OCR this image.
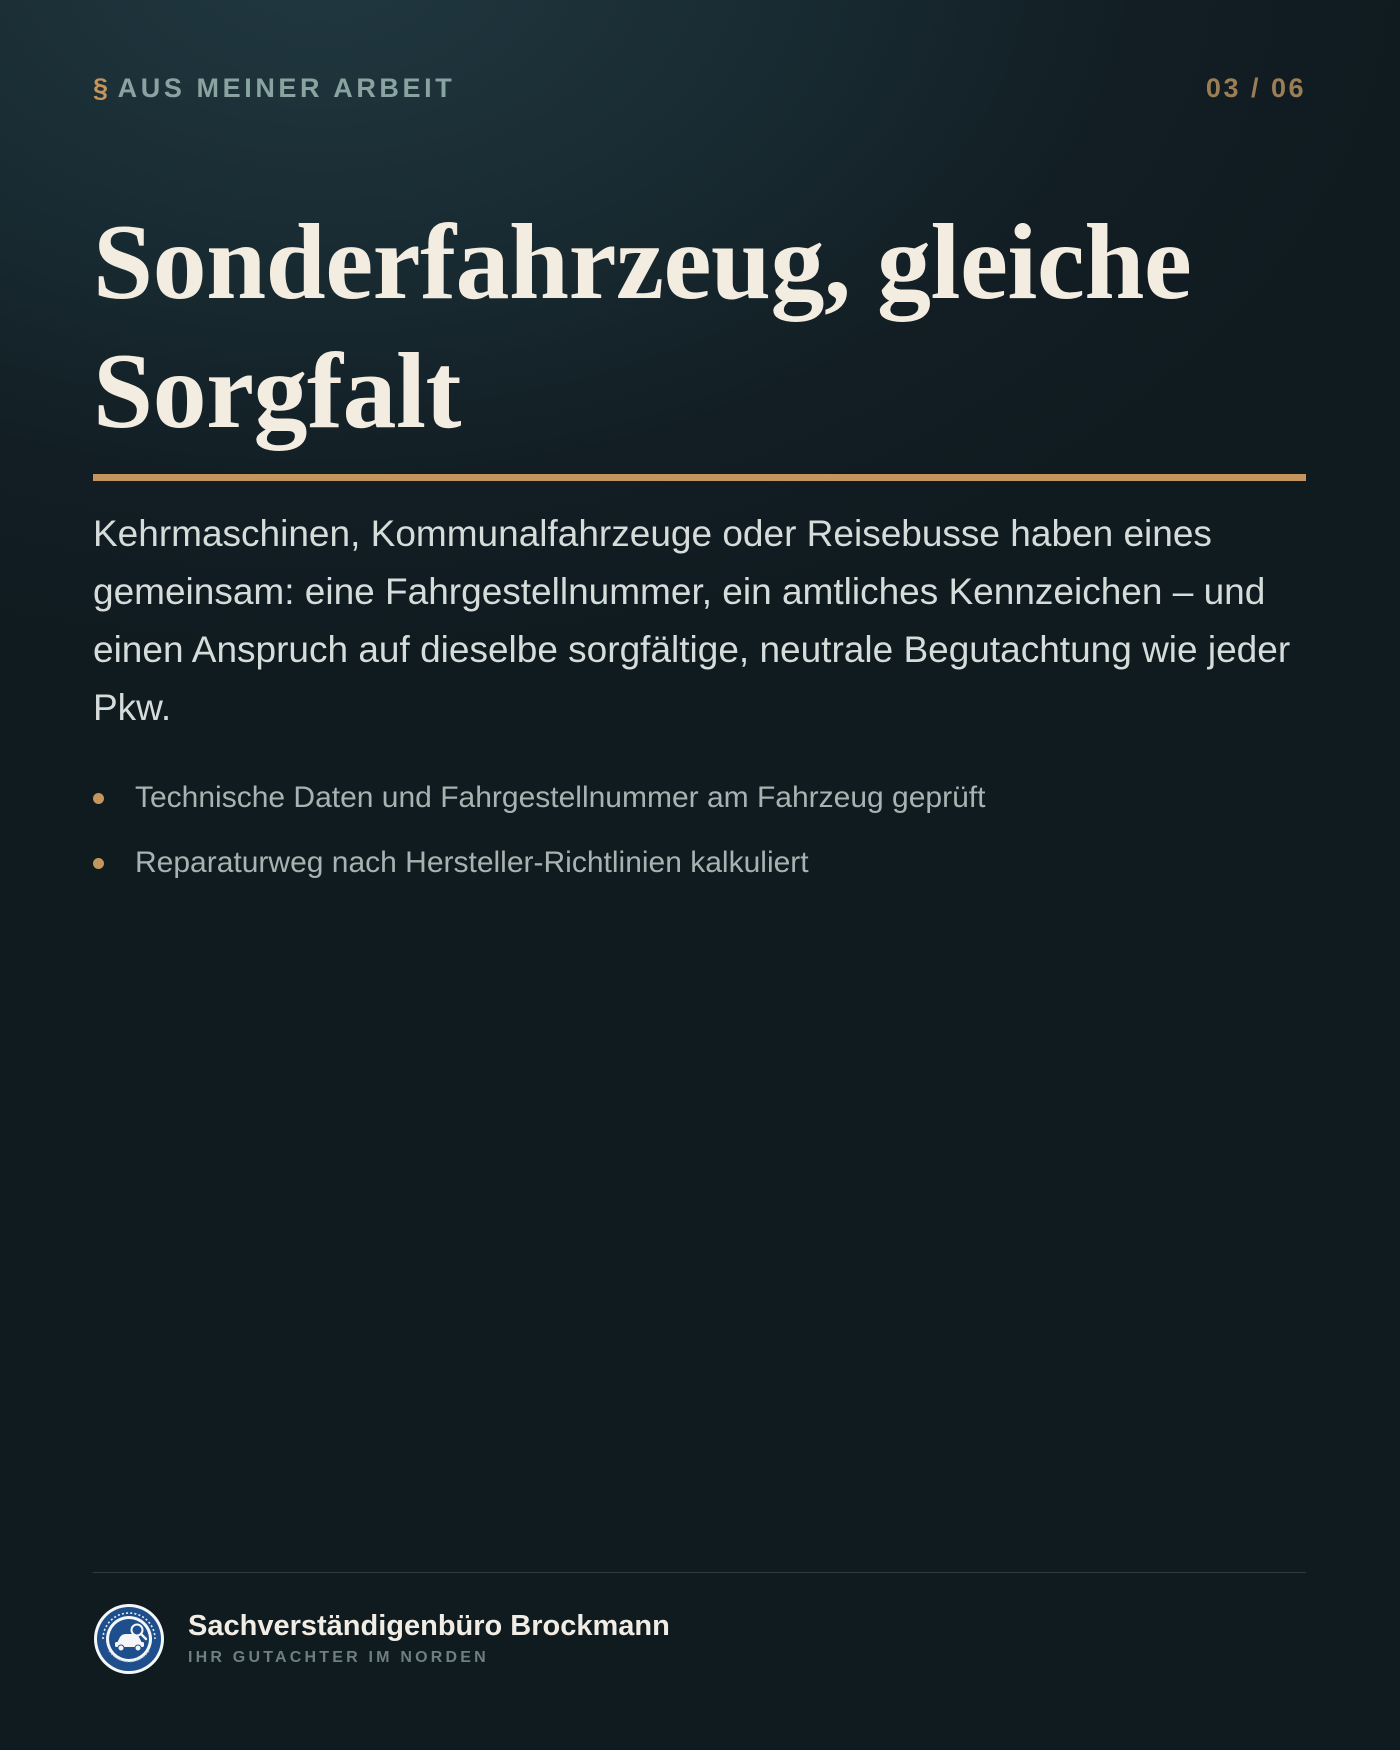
§ AUS MEINER ARBEIT	03 / 06
Sonderfahrzeug, gleiche Sorgfalt

Kehrmaschinen, Kommunalfahrzeuge oder Reisebusse haben eines gemeinsam: eine Fahrgestellnummer, ein amtliches Kennzeichen – und einen Anspruch auf dieselbe sorgfältige, neutrale Begutachtung wie jeder Pkw.

Technische Daten und Fahrgestellnummer am Fahrzeug geprüft
Reparaturweg nach Hersteller-Richtlinien kalkuliert
Sachverständigenbüro Brockmann
IHR GUTACHTER IM NORDEN
